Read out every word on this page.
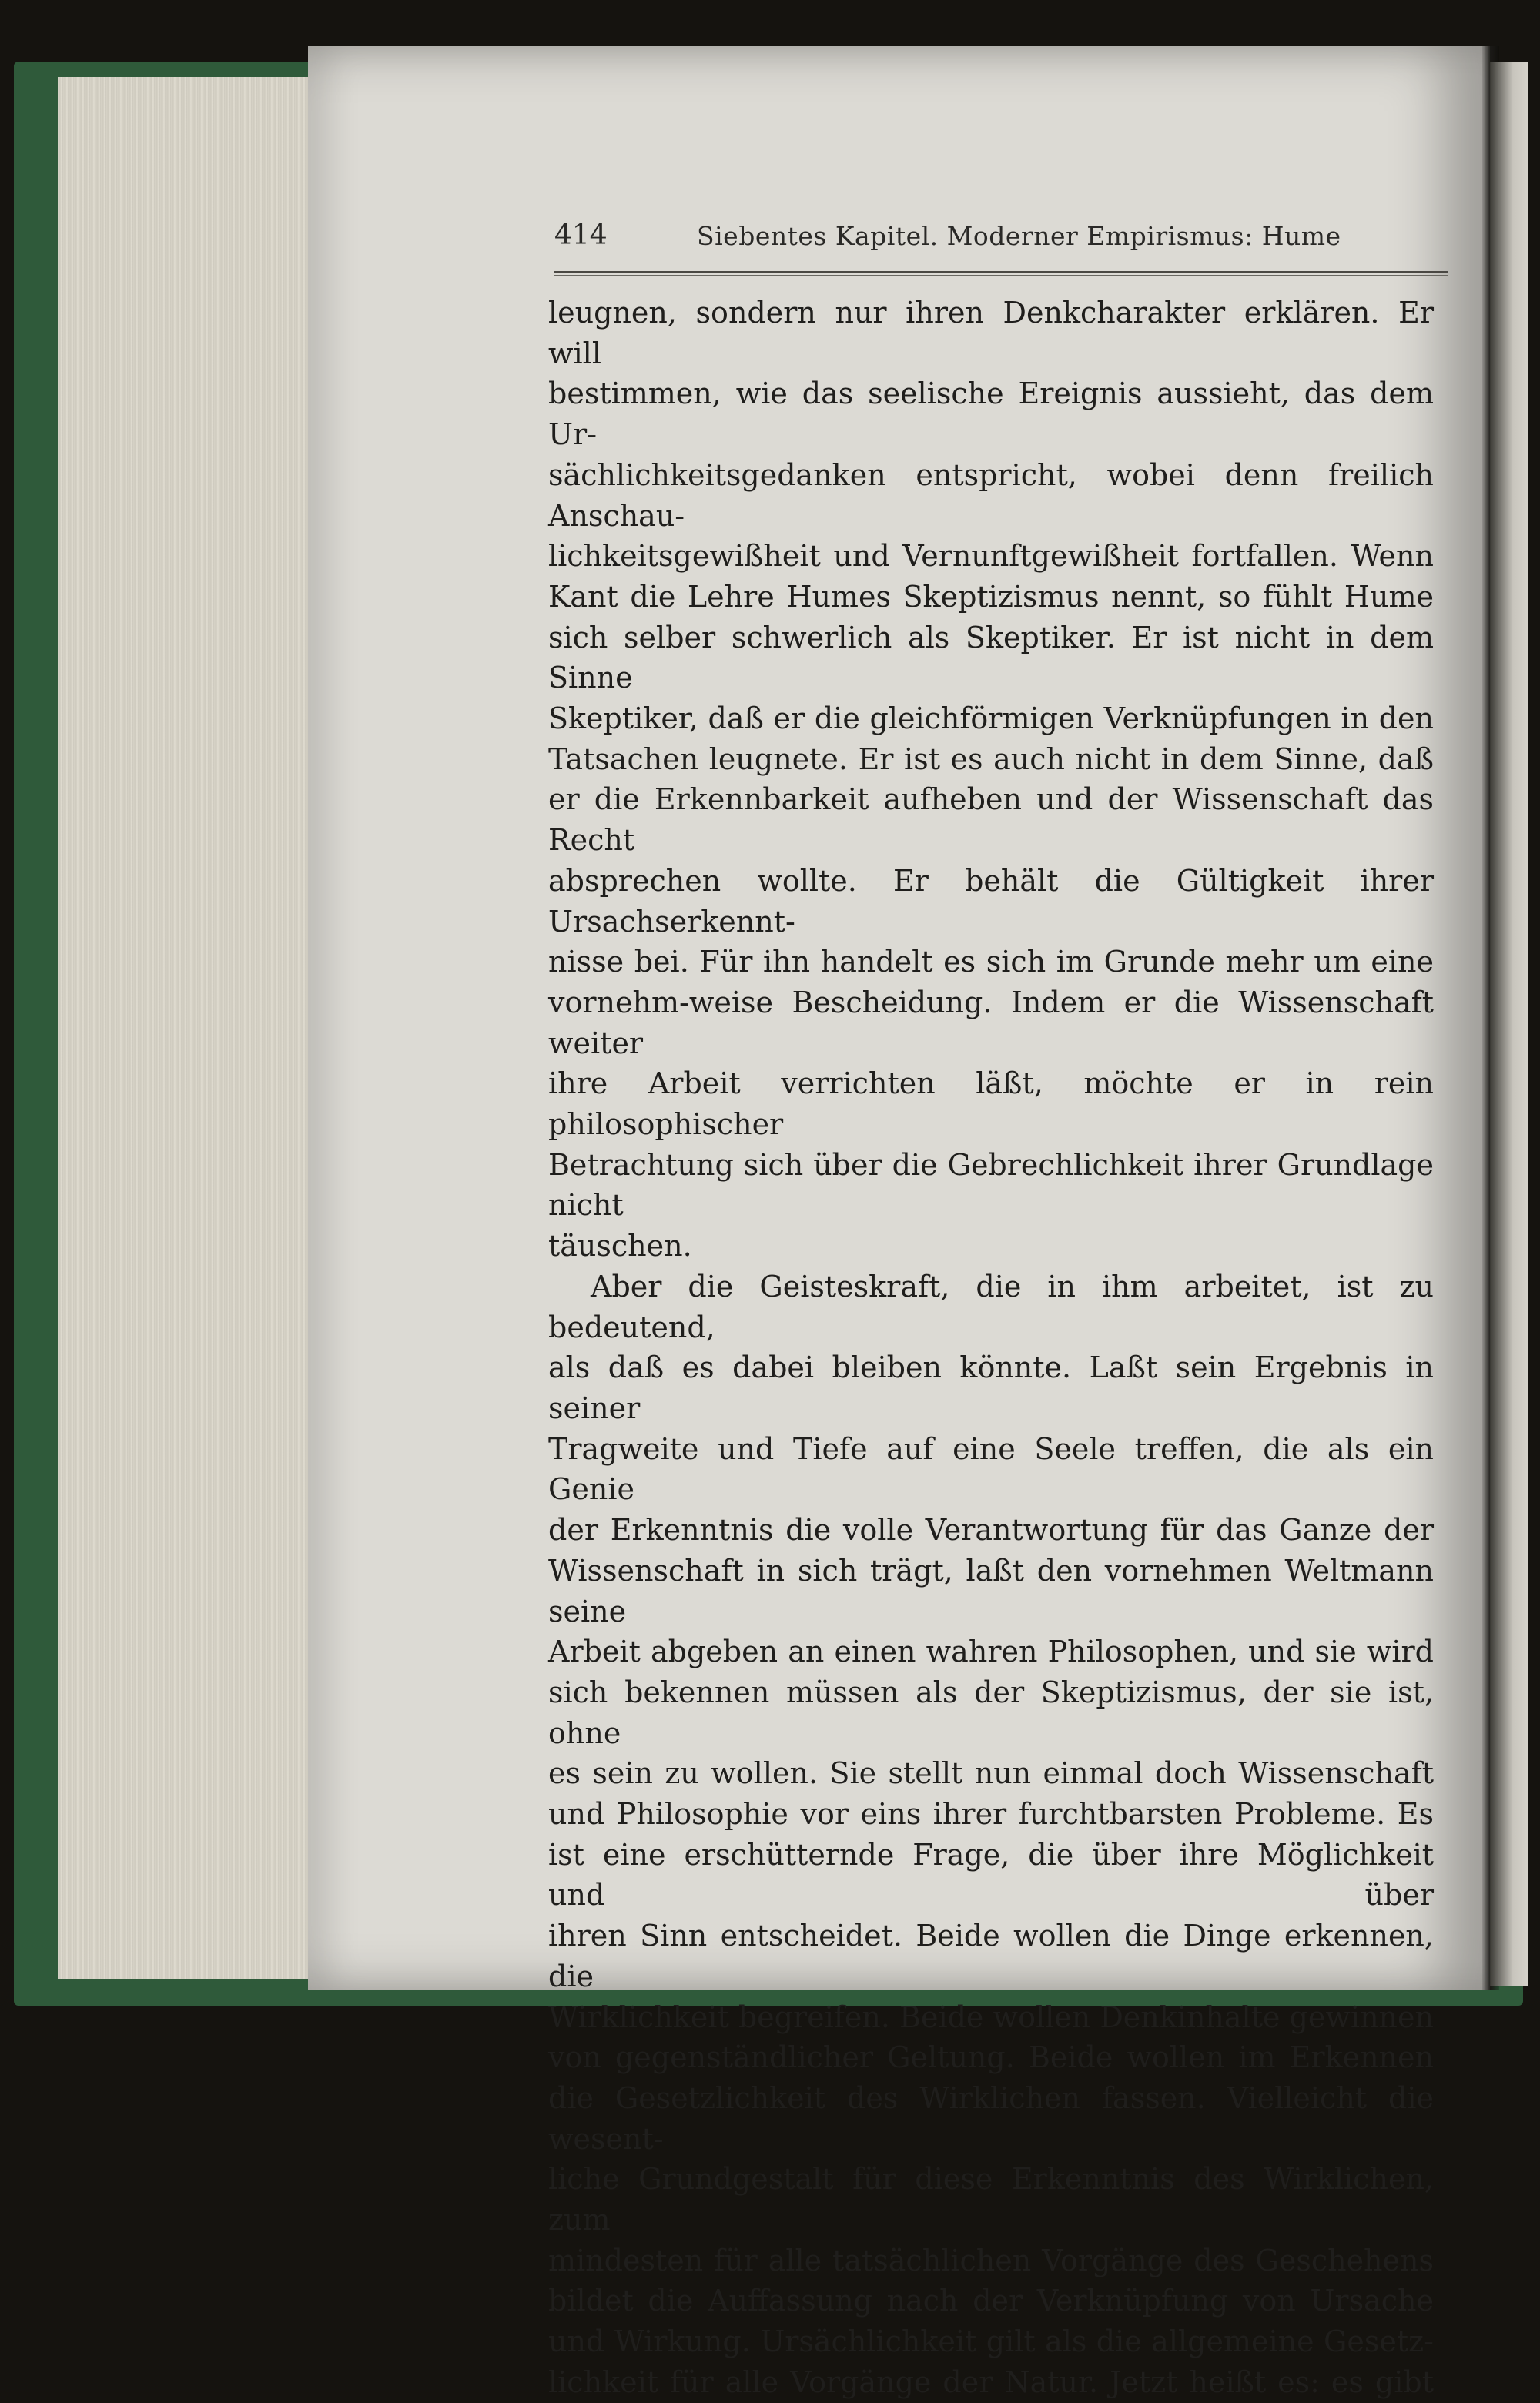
414	Siebentes Kapitel. Moderner Empirismus: Hume

leugnen, sondern nur ihren Denkcharakter erklären. Er will

bestimmen, wie das seelische Ereignis aussieht, das dem Ur-

sächlichkeitsgedanken entspricht, wobei denn freilich Anschau-

lichkeitsgewißheit und Vernunftgewißheit fortfallen. Wenn

Kant die Lehre Humes Skeptizismus nennt, so fühlt Hume

sich selber schwerlich als Skeptiker. Er ist nicht in dem Sinne

Skeptiker, daß er die gleichförmigen Verknüpfungen in den

Tatsachen leugnete. Er ist es auch nicht in dem Sinne, daß

er die Erkennbarkeit aufheben und der Wissenschaft das Recht

absprechen wollte. Er behält die Gültigkeit ihrer Ursachserkennt-

nisse bei. Für ihn handelt es sich im Grunde mehr um eine

vornehm-weise Bescheidung. Indem er die Wissenschaft weiter

ihre Arbeit verrichten läßt, möchte er in rein philosophischer

Betrachtung sich über die Gebrechlichkeit ihrer Grundlage nicht

täuschen.

Aber die Geisteskraft, die in ihm arbeitet, ist zu bedeutend,

als daß es dabei bleiben könnte. Laßt sein Ergebnis in seiner

Tragweite und Tiefe auf eine Seele treffen, die als ein Genie

der Erkenntnis die volle Verantwortung für das Ganze der

Wissenschaft in sich trägt, laßt den vornehmen Weltmann seine

Arbeit abgeben an einen wahren Philosophen, und sie wird

sich bekennen müssen als der Skeptizismus, der sie ist, ohne

es sein zu wollen. Sie stellt nun einmal doch Wissenschaft

und Philosophie vor eins ihrer furchtbarsten Probleme. Es

ist eine erschütternde Frage, die über ihre Möglichkeit und über

ihren Sinn entscheidet. Beide wollen die Dinge erkennen, die

Wirklichkeit begreifen. Beide wollen Denkinhalte gewinnen

von gegenständlicher Geltung. Beide wollen im Erkennen

die Gesetzlichkeit des Wirklichen fassen. Vielleicht die wesent-

liche Grundgestalt für diese Erkenntnis des Wirklichen, zum

mindesten für alle tatsächlichen Vorgänge des Geschehens

bildet die Auffassung nach der Verknüpfung von Ursache

und Wirkung. Ursächlichkeit gilt als die allgemeine Gesetz-

lichkeit für alle Vorgänge der Natur. Jetzt heißt es: es gibt
